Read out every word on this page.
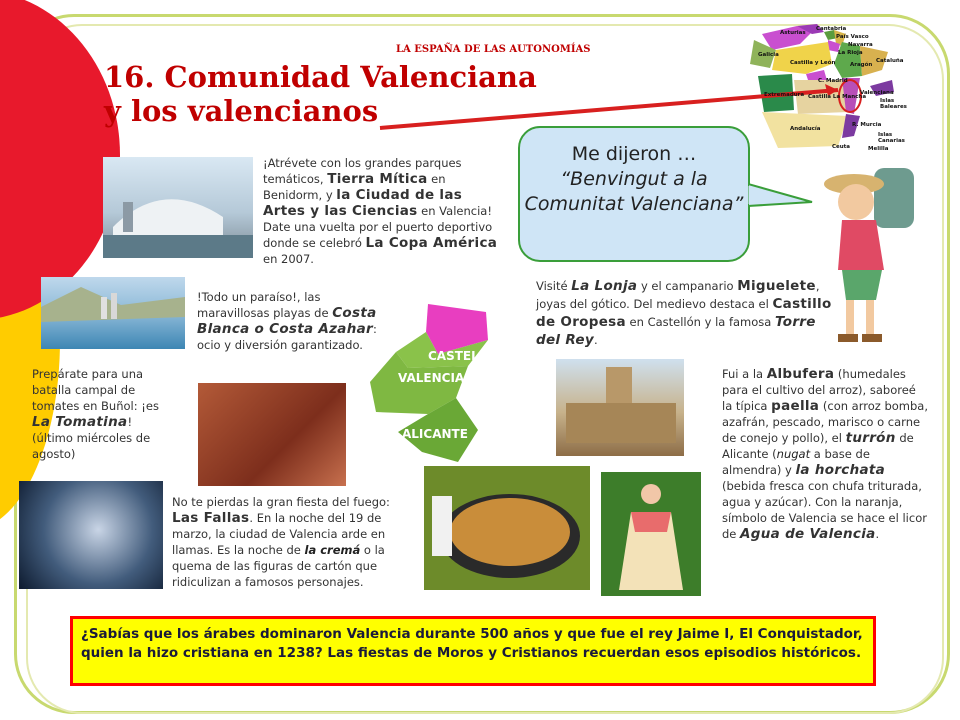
LA ESPAÑA DE LAS AUTONOMÍAS
16. Comunidad Valenciana
y los valencianos
CASTELLÓN
VALENCIA
ALICANTE
Me dijeron …
“Benvingut a la Comunitat Valenciana”
¡Atrévete con los grandes parques temáticos, Tierra Mítica en Benidorm, y la Ciudad de las Artes y las Ciencias en Valencia! Date una vuelta por el puerto deportivo donde se celebró La Copa América en 2007.
!Todo un paraíso!, las maravillosas playas de Costa Blanca o Costa Azahar: ocio y diversión garantizado.
Prepárate para una batalla campal de tomates en Buñol: ¡es La Tomatina! (último miércoles de agosto)
No te pierdas la gran fiesta del fuego: Las Fallas. En la noche del 19 de marzo, la ciudad de Valencia arde en llamas. Es la noche de la cremá o la quema de las figuras de cartón que ridiculizan a famosos personajes.
Visité La Lonja y el campanario Miguelete, joyas del gótico. Del medievo destaca el Castillo de Oropesa en Castellón y la famosa Torre del Rey.
Fui a la Albufera (humedales para el cultivo del arroz), saboreé la típica paella (con arroz bomba, azafrán, pescado, marisco o carne de conejo y pollo), el turrón de Alicante (nugat a base de almendra) y la horchata (bebida fresca con chufa triturada, agua y azúcar). Con la naranja, símbolo de Valencia se hace el licor de Agua de Valencia.
¿Sabías que los árabes dominaron Valencia durante 500 años y que fue el rey Jaime I, El Conquistador, quien la hizo cristiana en 1238? Las fiestas de Moros y Cristianos recuerdan esos episodios históricos.
Asturias
Cantabria
País Vasco
Galicia
Navarra
La Rioja
Castilla y León	Aragón
Cataluña
C. Madrid
Extremadura Castilla La Mancha
Valenciana
Islas Baleares
Andalucía
R. Murcia
Islas Canarias
Ceuta	Melilla
